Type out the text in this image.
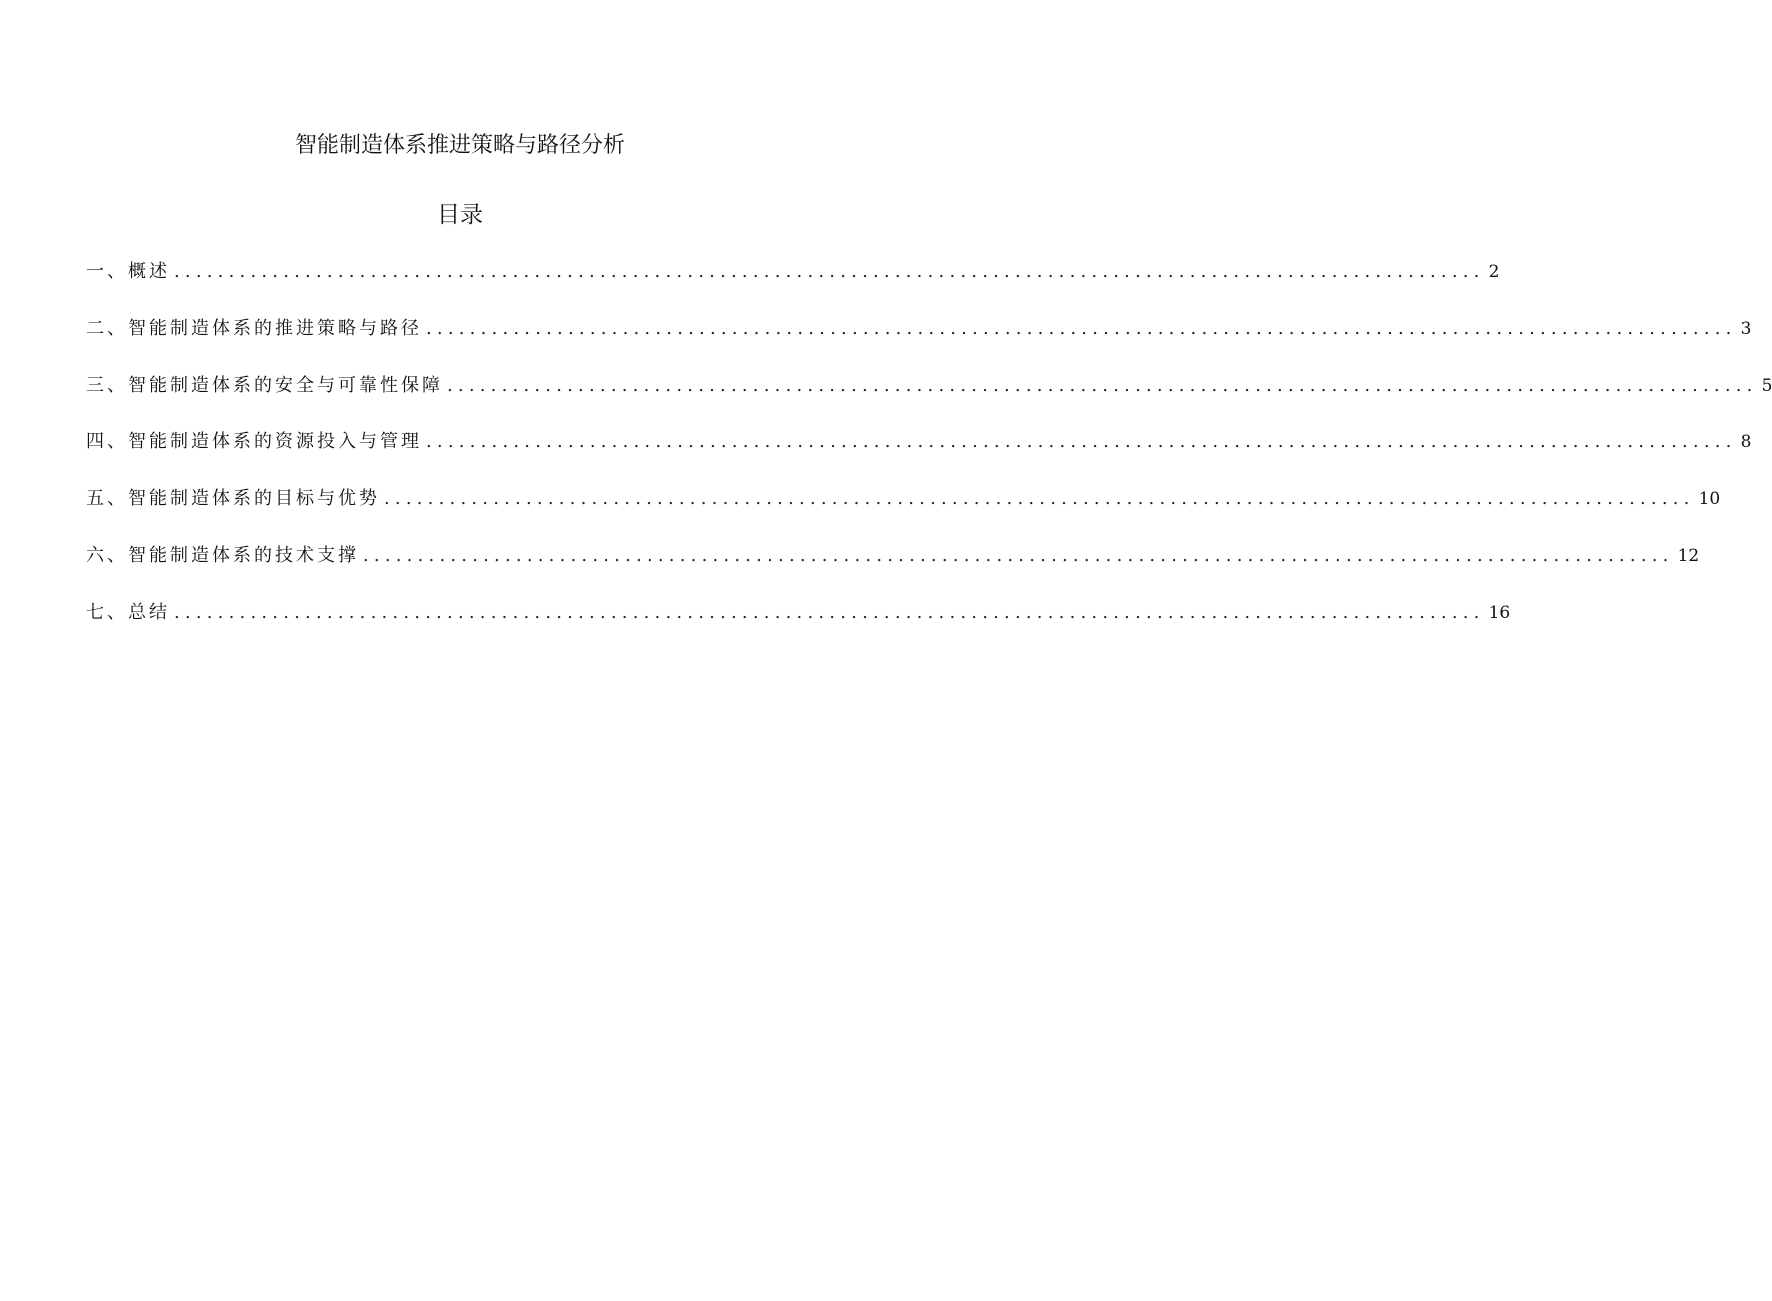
智能制造体系推进策略与路径分析
目录
一、概述 ........................................................................................................................ 2
二、智能制造体系的推进策略与路径 ........................................................................................................................ 3
三、智能制造体系的安全与可靠性保障 ........................................................................................................................ 5
四、智能制造体系的资源投入与管理 ........................................................................................................................ 8
五、智能制造体系的目标与优势 ........................................................................................................................ 10
六、智能制造体系的技术支撑 ........................................................................................................................ 12
七、总结 ........................................................................................................................ 16
